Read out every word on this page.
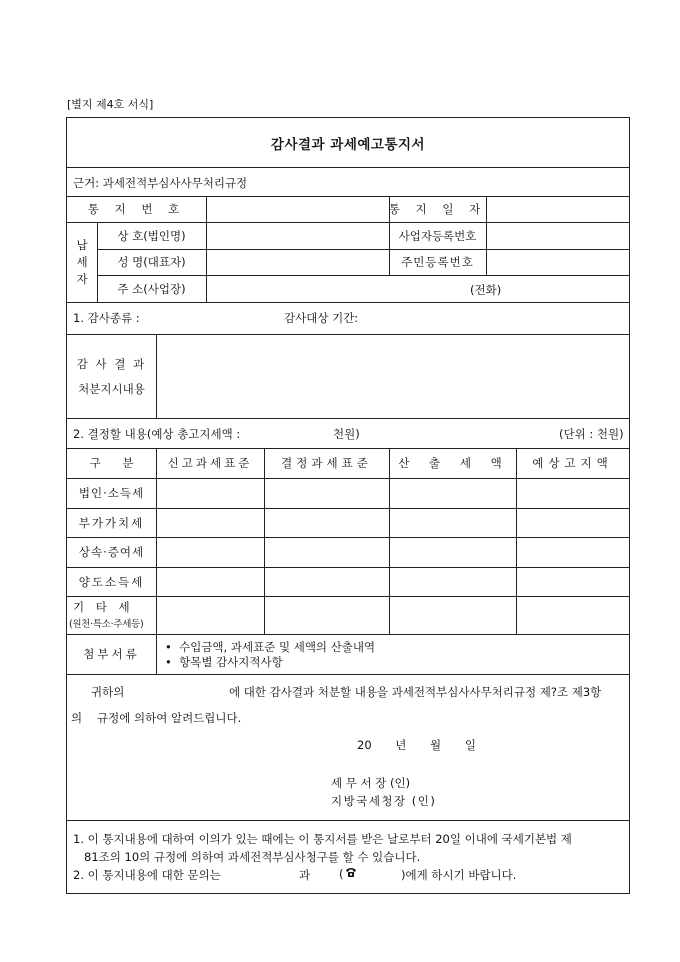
[별지 제4호 서식]
감사결과 과세예고통지서
근거: 과세전적부심사사무처리규정
통 지 번 호	통 지 일 자
납
세
자
상 호(법인명)	사업자등록번호
성 명(대표자)	주민등록번호
주 소(사업장)	(전화)
1. 감사종류 :	감사대상 기간:
감 사 결 과
처분지시내용
2. 결정할 내용(예상 총고지세액 :	천원)	(단위 : 천원)
구 분	신고과세표준	결정과세표준	산 출 세 액	예상고지액
법인·소득세
부가가치세
상속·증여세
양도소득세
기 타 세
(원천·특소·주세등)
첨부서류	•  수입금액, 과세표준 및 세액의 산출내역
•  항목별 감사지적사항
귀하의	에 대한 감사결과 처분할 내용을 과세전적부심사사무처리규정 제?조 제3항
의 규정에 의하여 알려드립니다.
20 년 월 일
세 무 서 장 (인)
지방국세청장 (인)
1. 이 통지내용에 대하여 이의가 있는 때에는 이 통지서를 받은 날로부터 20일 이내에 국세기본법 제
81조의 10의 규정에 의하여 과세전적부심사청구를 할 수 있습니다.
2. 이 통지내용에 대한 문의는	과	(	)에게 하시기 바랍니다.
